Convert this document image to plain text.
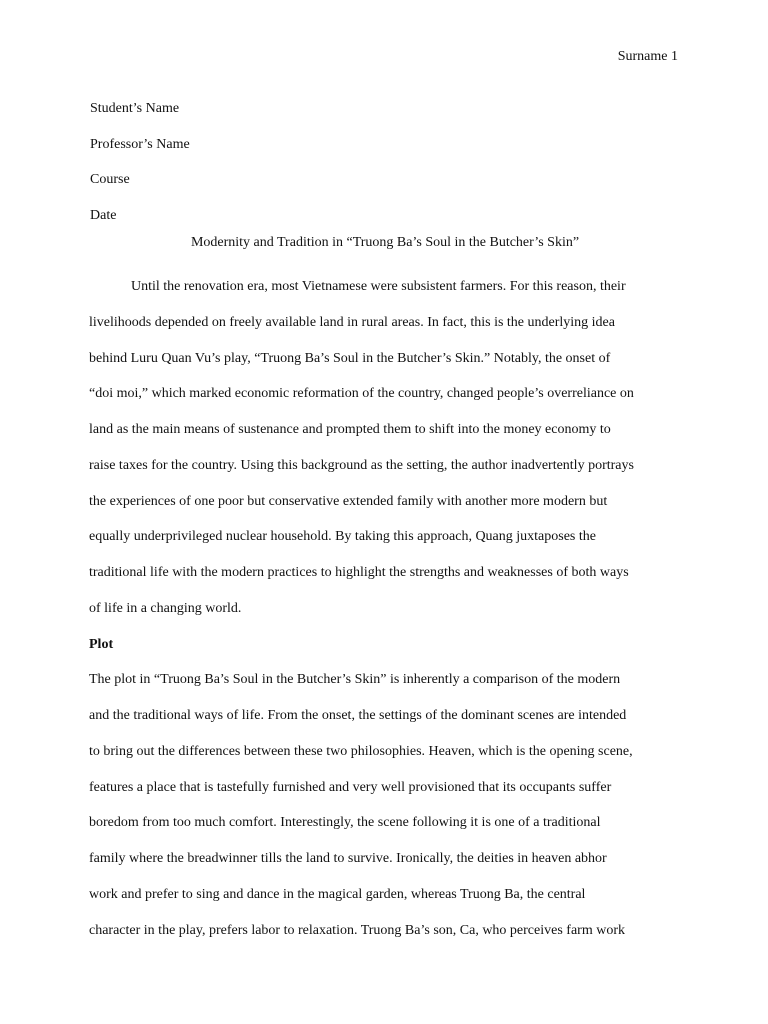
Surname 1
Student’s Name
Professor’s Name
Course
Date
Modernity and Tradition in “Truong Ba’s Soul in the Butcher’s Skin”
Until the renovation era, most Vietnamese were subsistent farmers. For this reason, their
livelihoods depended on freely available land in rural areas. In fact, this is the underlying idea
behind Luru Quan Vu’s play, “Truong Ba’s Soul in the Butcher’s Skin.” Notably, the onset of
“doi moi,” which marked economic reformation of the country, changed people’s overreliance on
land as the main means of sustenance and prompted them to shift into the money economy to
raise taxes for the country. Using this background as the setting, the author inadvertently portrays
the experiences of one poor but conservative extended family with another more modern but
equally underprivileged nuclear household. By taking this approach, Quang juxtaposes the
traditional life with the modern practices to highlight the strengths and weaknesses of both ways
of life in a changing world.
Plot
The plot in “Truong Ba’s Soul in the Butcher’s Skin” is inherently a comparison of the modern
and the traditional ways of life. From the onset, the settings of the dominant scenes are intended
to bring out the differences between these two philosophies. Heaven, which is the opening scene,
features a place that is tastefully furnished and very well provisioned that its occupants suffer
boredom from too much comfort. Interestingly, the scene following it is one of a traditional
family where the breadwinner tills the land to survive. Ironically, the deities in heaven abhor
work and prefer to sing and dance in the magical garden, whereas Truong Ba, the central
character in the play, prefers labor to relaxation. Truong Ba’s son, Ca, who perceives farm work
